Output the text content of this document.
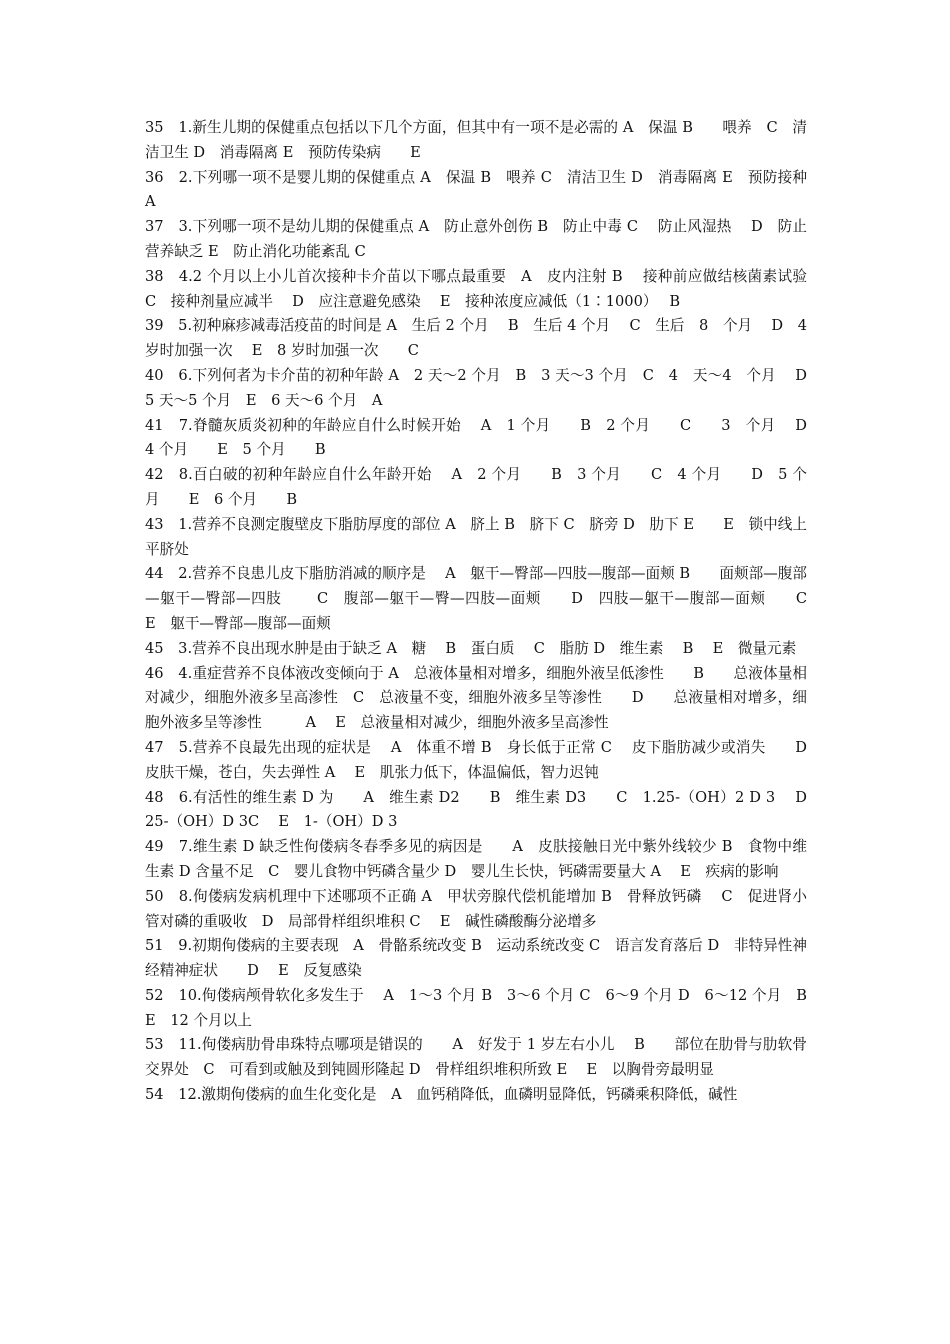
35　1.新生儿期的保健重点包括以下几个方面，但其中有一项不是必需的 A　保温 B　　喂养　C　清洁卫生 D　消毒隔离 E　预防传染病　　E

36　2.下列哪一项不是婴儿期的保健重点 A　保温 B　喂养 C　清洁卫生 D　消毒隔离 E　预防接种　　A

37　3.下列哪一项不是幼儿期的保健重点 A　防止意外创伤 B　防止中毒 C　 防止风湿热　 D　防止营养缺乏 E　防止消化功能紊乱 C

38　4.2 个月以上小儿首次接种卡介苗以下哪点最重要　A　皮内注射 B　 接种前应做结核菌素试验　　C　接种剂量应减半　 D　应注意避免感染　 E　接种浓度应减低（1∶1000）　 B

39　5.初种麻疹减毒活疫苗的时间是 A　生后 2 个月　 B　生后 4 个月　 C　生后　8　个月　 D　4 岁时加强一次　 E　8 岁时加强一次　　C

40　6.下列何者为卡介苗的初种年龄 A　2 天～2 个月　B　3 天～3 个月　C　4　天～4　个月　 D　5 天～5 个月　E　6 天～6 个月　A

41　7.脊髓灰质炎初种的年龄应自什么时候开始　 A　1 个月　　B　2 个月　　C　　3　个月　 D　4 个月　　E　5 个月　　B

42　8.百白破的初种年龄应自什么年龄开始　 A　2 个月　　B　3 个月　　C　4 个月　　D　5 个月　　E　6 个月　　B

43　1.营养不良测定腹壁皮下脂肪厚度的部位 A　脐上 B　脐下 C　脐旁 D　肋下 E　　E　锁中线上平脐处

44　2.营养不良患儿皮下脂肪消减的顺序是　 A　躯干—臀部—四肢—腹部—面颊 B　　面颊部—腹部—躯干—臀部—四肢　　 C　腹部—躯干—臀—四肢—面颊　　D　四肢—躯干—腹部—面颊　　C　 E　躯干—臀部—腹部—面颊

45　3.营养不良出现水肿是由于缺乏 A　糖　 B　蛋白质　 C　脂肪 D　维生素　 B　 E　微量元素

46　4.重症营养不良体液改变倾向于 A　总液体量相对增多，细胞外液呈低渗性　　B　　总液体量相对减少，细胞外液多呈高渗性　C　总液量不变，细胞外液多呈等渗性　　D　　总液量相对增多，细胞外液多呈等渗性　　　A　 E　总液量相对减少，细胞外液多呈高渗性

47　5.营养不良最先出现的症状是　 A　体重不增 B　身长低于正常 C　 皮下脂肪减少或消失　　D　皮肤干燥，苍白，失去弹性 A　 E　肌张力低下，体温偏低，智力迟钝

48　6.有活性的维生素 D 为　　A　维生素 D2　　B　维生素 D3　　C　1.25-（OH）2 D 3　 D　25-（OH）D 3C　 E　1-（OH）D 3

49　7.维生素 D 缺乏性佝偻病冬春季多见的病因是　　A　皮肤接触日光中紫外线较少 B　食物中维生素 D 含量不足　C　婴儿食物中钙磷含量少 D　婴儿生长快，钙磷需要量大 A　 E　疾病的影响

50　8.佝偻病发病机理中下述哪项不正确 A　甲状旁腺代偿机能增加 B　骨释放钙磷　 C　促进肾小管对磷的重吸收　D　局部骨样组织堆积 C　 E　碱性磷酸酶分泌增多

51　9.初期佝偻病的主要表现　A　骨骼系统改变 B　运动系统改变 C　语言发育落后 D　非特异性神经精神症状　　D　 E　反复感染

52　10.佝偻病颅骨软化多发生于　 A　1～3 个月 B　3～6 个月 C　6～9 个月 D　6～12 个月　B　 E　12 个月以上

53　11.佝偻病肋骨串珠特点哪项是错误的　　A　好发于 1 岁左右小儿　 B　　部位在肋骨与肋软骨交界处　C　可看到或触及到钝圆形隆起 D　骨样组织堆积所致 E　 E　以胸骨旁最明显

54　12.激期佝偻病的血生化变化是　A　血钙稍降低，血磷明显降低，钙磷乘积降低，碱性
